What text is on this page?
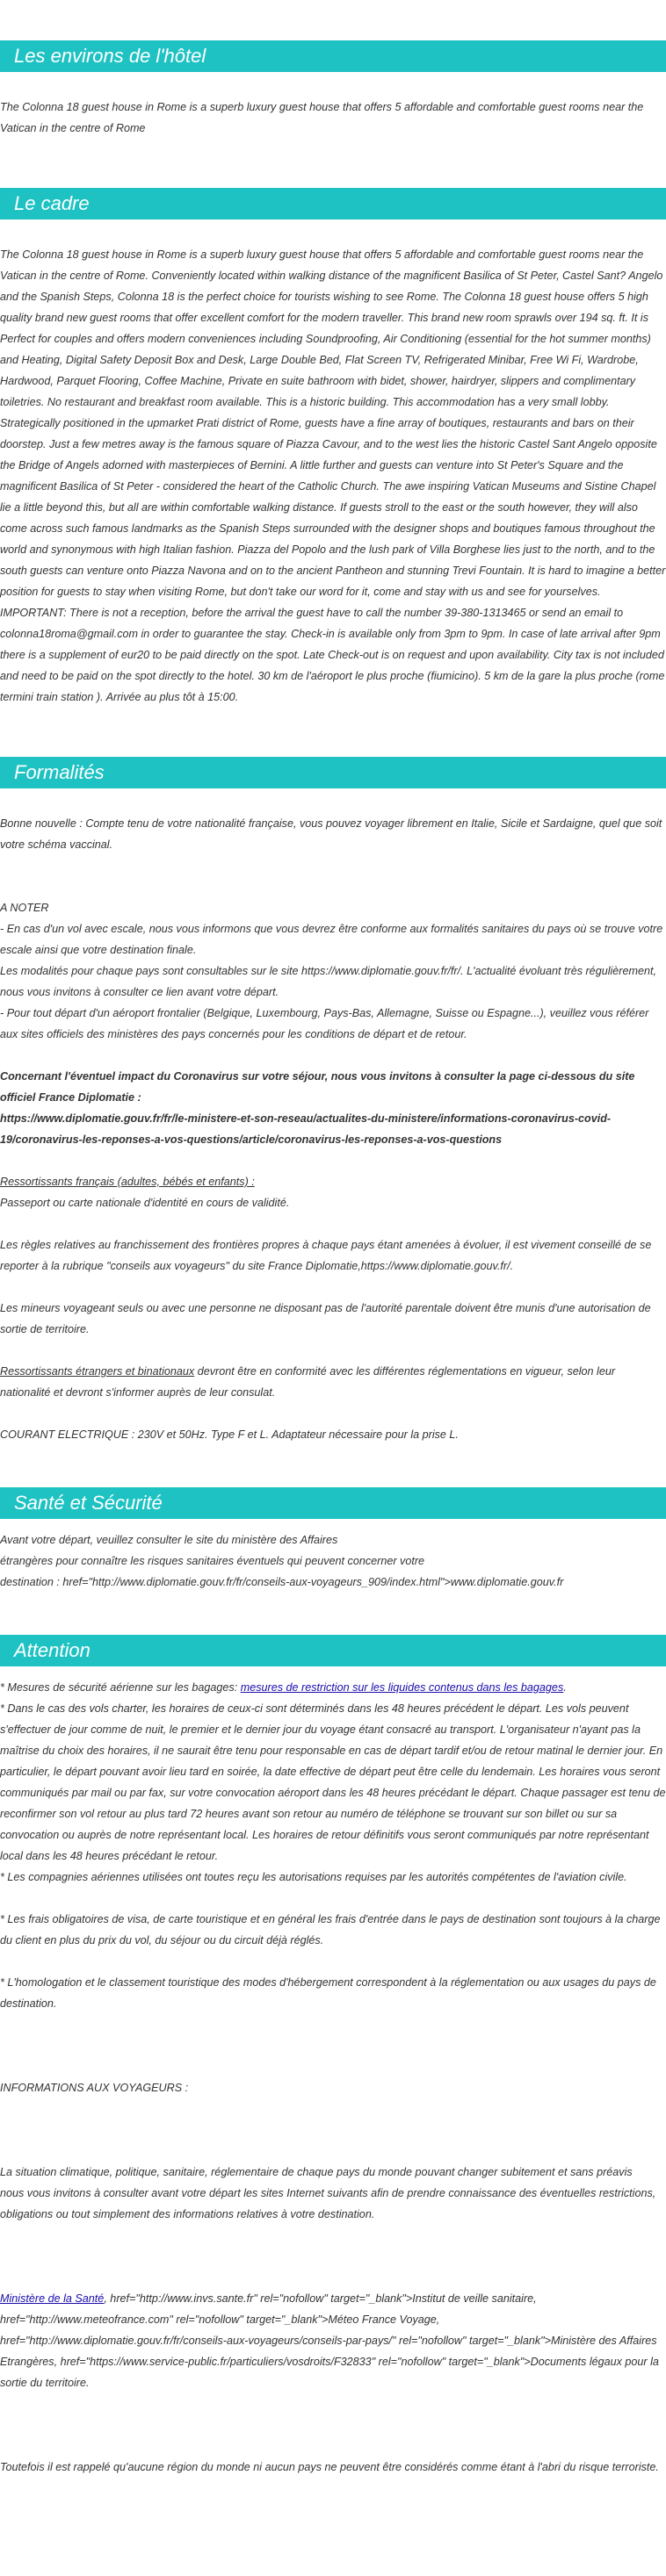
Les environs de l'hôtel

The Colonna 18 guest house in Rome is a superb luxury guest house that offers 5 affordable and comfortable guest rooms near the Vatican in the centre of Rome

Le cadre

The Colonna 18 guest house in Rome is a superb luxury guest house that offers 5 affordable and comfortable guest rooms near the Vatican in the centre of Rome. Conveniently located within walking distance of the magnificent Basilica of St Peter, Castel Sant? Angelo and the Spanish Steps, Colonna 18 is the perfect choice for tourists wishing to see Rome. The Colonna 18 guest house offers 5 high quality brand new guest rooms that offer excellent comfort for the modern traveller. This brand new room sprawls over 194 sq. ft. It is Perfect for couples and offers modern conveniences including Soundproofing, Air Conditioning (essential for the hot summer months) and Heating, Digital Safety Deposit Box and Desk, Large Double Bed, Flat Screen TV, Refrigerated Minibar, Free Wi Fi, Wardrobe, Hardwood, Parquet Flooring, Coffee Machine, Private en suite bathroom with bidet, shower, hairdryer, slippers and complimentary toiletries. No restaurant and breakfast room available. This is a historic building. This accommodation has a very small lobby. Strategically positioned in the upmarket Prati district of Rome, guests have a fine array of boutiques, restaurants and bars on their doorstep. Just a few metres away is the famous square of Piazza Cavour, and to the west lies the historic Castel Sant Angelo opposite the Bridge of Angels adorned with masterpieces of Bernini. A little further and guests can venture into St Peter's Square and the magnificent Basilica of St Peter - considered the heart of the Catholic Church. The awe inspiring Vatican Museums and Sistine Chapel lie a little beyond this, but all are within comfortable walking distance. If guests stroll to the east or the south however, they will also come across such famous landmarks as the Spanish Steps surrounded with the designer shops and boutiques famous throughout the world and synonymous with high Italian fashion. Piazza del Popolo and the lush park of Villa Borghese lies just to the north, and to the south guests can venture onto Piazza Navona and on to the ancient Pantheon and stunning Trevi Fountain. It is hard to imagine a better position for guests to stay when visiting Rome, but don't take our word for it, come and stay with us and see for yourselves. IMPORTANT: There is not a reception, before the arrival the guest have to call the number 39-380-1313465 or send an email to colonna18roma@gmail.com in order to guarantee the stay. Check-in is available only from 3pm to 9pm. In case of late arrival after 9pm there is a supplement of eur20 to be paid directly on the spot. Late Check-out is on request and upon availability. City tax is not included and need to be paid on the spot directly to the hotel. 30 km de l'aéroport le plus proche (fiumicino). 5 km de la gare la plus proche (rome termini train station ). Arrivée au plus tôt à 15:00.

Formalités

Bonne nouvelle : Compte tenu de votre nationalité française, vous pouvez voyager librement en Italie, Sicile et Sardaigne, quel que soit votre schéma vaccinal.

A NOTER

- En cas d'un vol avec escale, nous vous informons que vous devrez être conforme aux formalités sanitaires du pays où se trouve votre escale ainsi que votre destination finale.
Les modalités pour chaque pays sont consultables sur le site https://www.diplomatie.gouv.fr/fr/. L'actualité évoluant très régulièrement, nous vous invitons à consulter ce lien avant votre départ.
- Pour tout départ d'un aéroport frontalier (Belgique, Luxembourg, Pays-Bas, Allemagne, Suisse ou Espagne...), veuillez vous référer aux sites officiels des ministères des pays concernés pour les conditions de départ et de retour.

Concernant l'éventuel impact du Coronavirus sur votre séjour, nous vous invitons à consulter la page ci-dessous du site officiel France Diplomatie :
https://www.diplomatie.gouv.fr/fr/le-ministere-et-son-reseau/actualites-du-ministere/informations-coronavirus-covid-19/coronavirus-les-reponses-a-vos-questions/article/coronavirus-les-reponses-a-vos-questions

Ressortissants français (adultes, bébés et enfants) :

Passeport ou carte nationale d'identité en cours de validité.

Les règles relatives au franchissement des frontières propres à chaque pays étant amenées à évoluer, il est vivement conseillé de se reporter à la rubrique "conseils aux voyageurs" du site France Diplomatie,https://www.diplomatie.gouv.fr/.

Les mineurs voyageant seuls ou avec une personne ne disposant pas de l'autorité parentale doivent être munis d'une autorisation de sortie de territoire.

Ressortissants étrangers et binationaux devront être en conformité avec les différentes réglementations en vigueur, selon leur nationalité et devront s'informer auprès de leur consulat.

COURANT ELECTRIQUE : 230V et 50Hz. Type F et L. Adaptateur nécessaire pour la prise L.

Santé et Sécurité

Avant votre départ, veuillez consulter le site du ministère des Affaires
étrangères pour connaître les risques sanitaires éventuels qui peuvent concerner votre
destination : href="http://www.diplomatie.gouv.fr/fr/conseils-aux-voyageurs_909/index.html">www.diplomatie.gouv.fr

Attention

* Mesures de sécurité aérienne sur les bagages: mesures de restriction sur les liquides contenus dans les bagages.

* Dans le cas des vols charter, les horaires de ceux-ci sont déterminés dans les 48 heures précédent le départ. Les vols peuvent s'effectuer de jour comme de nuit, le premier et le dernier jour du voyage étant consacré au transport. L'organisateur n'ayant pas la maîtrise du choix des horaires, il ne saurait être tenu pour responsable en cas de départ tardif et/ou de retour matinal le dernier jour. En particulier, le départ pouvant avoir lieu tard en soirée, la date effective de départ peut être celle du lendemain. Les horaires vous seront communiqués par mail ou par fax, sur votre convocation aéroport dans les 48 heures précédant le départ. Chaque passager est tenu de reconfirmer son vol retour au plus tard 72 heures avant son retour au numéro de téléphone se trouvant sur son billet ou sur sa convocation ou auprès de notre représentant local. Les horaires de retour définitifs vous seront communiqués par notre représentant local dans les 48 heures précédant le retour.
* Les compagnies aériennes utilisées ont toutes reçu les autorisations requises par les autorités compétentes de l'aviation civile.

* Les frais obligatoires de visa, de carte touristique et en général les frais d'entrée dans le pays de destination sont toujours à la charge du client en plus du prix du vol, du séjour ou du circuit déjà réglés.

* L'homologation et le classement touristique des modes d'hébergement correspondent à la réglementation ou aux usages du pays de destination.

INFORMATIONS AUX VOYAGEURS :

La situation climatique, politique, sanitaire, réglementaire de chaque pays du monde pouvant changer subitement et sans préavis
nous vous invitons à consulter avant votre départ les sites Internet suivants afin de prendre connaissance des éventuelles restrictions, obligations ou tout simplement des informations relatives à votre destination.

Ministère de la Santé, href="http://www.invs.sante.fr" rel="nofollow" target="_blank">Institut de veille sanitaire, href="http://www.meteofrance.com" rel="nofollow" target="_blank">Méteo France Voyage, href="http://www.diplomatie.gouv.fr/fr/conseils-aux-voyageurs/conseils-par-pays/" rel="nofollow" target="_blank">Ministère des Affaires Etrangères, href="https://www.service-public.fr/particuliers/vosdroits/F32833" rel="nofollow" target="_blank">Documents légaux pour la sortie du territoire.

Toutefois il est rappelé qu'aucune région du monde ni aucun pays ne peuvent être considérés comme étant à l'abri du risque terroriste.
